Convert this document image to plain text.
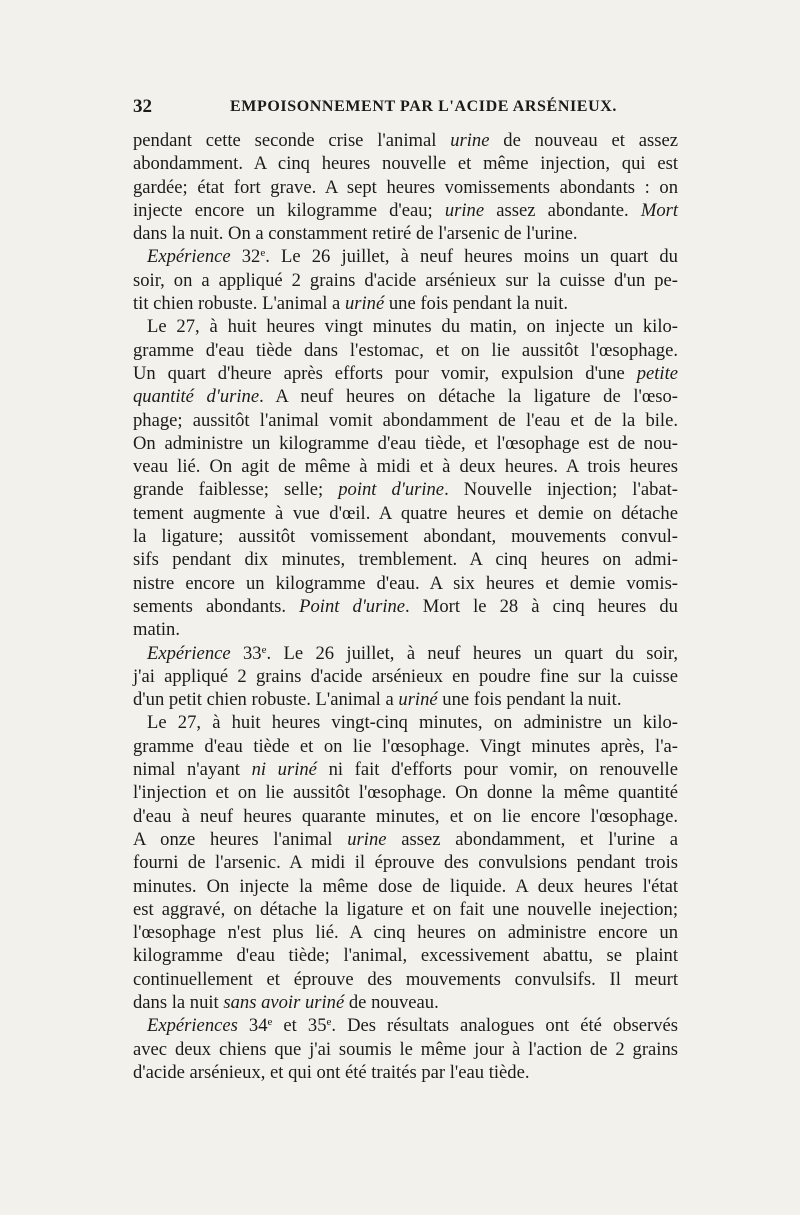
32	EMPOISONNEMENT PAR L'ACIDE ARSÉNIEUX.
pendant cette seconde crise l'animal urine de nouveau et assez
abondamment. A cinq heures nouvelle et même injection, qui est
gardée; état fort grave. A sept heures vomissements abondants : on
injecte encore un kilogramme d'eau; urine assez abondante. Mort
dans la nuit. On a constamment retiré de l'arsenic de l'urine.
Expérience 32e. Le 26 juillet, à neuf heures moins un quart du
soir, on a appliqué 2 grains d'acide arsénieux sur la cuisse d'un pe-
tit chien robuste. L'animal a uriné une fois pendant la nuit.
Le 27, à huit heures vingt minutes du matin, on injecte un kilo-
gramme d'eau tiède dans l'estomac, et on lie aussitôt l'œsophage.
Un quart d'heure après efforts pour vomir, expulsion d'une petite
quantité d'urine. A neuf heures on détache la ligature de l'œso-
phage; aussitôt l'animal vomit abondamment de l'eau et de la bile.
On administre un kilogramme d'eau tiède, et l'œsophage est de nou-
veau lié. On agit de même à midi et à deux heures. A trois heures
grande faiblesse; selle; point d'urine. Nouvelle injection; l'abat-
tement augmente à vue d'œil. A quatre heures et demie on détache
la ligature; aussitôt vomissement abondant, mouvements convul-
sifs pendant dix minutes, tremblement. A cinq heures on admi-
nistre encore un kilogramme d'eau. A six heures et demie vomis-
sements abondants. Point d'urine. Mort le 28 à cinq heures du
matin.
Expérience 33e. Le 26 juillet, à neuf heures un quart du soir,
j'ai appliqué 2 grains d'acide arsénieux en poudre fine sur la cuisse
d'un petit chien robuste. L'animal a uriné une fois pendant la nuit.
Le 27, à huit heures vingt-cinq minutes, on administre un kilo-
gramme d'eau tiède et on lie l'œsophage. Vingt minutes après, l'a-
nimal n'ayant ni uriné ni fait d'efforts pour vomir, on renouvelle
l'injection et on lie aussitôt l'œsophage. On donne la même quantité
d'eau à neuf heures quarante minutes, et on lie encore l'œsophage.
A onze heures l'animal urine assez abondamment, et l'urine a
fourni de l'arsenic. A midi il éprouve des convulsions pendant trois
minutes. On injecte la même dose de liquide. A deux heures l'état
est aggravé, on détache la ligature et on fait une nouvelle inejection;
l'œsophage n'est plus lié. A cinq heures on administre encore un
kilogramme d'eau tiède; l'animal, excessivement abattu, se plaint
continuellement et éprouve des mouvements convulsifs. Il meurt
dans la nuit sans avoir uriné de nouveau.
Expériences 34e et 35e. Des résultats analogues ont été observés
avec deux chiens que j'ai soumis le même jour à l'action de 2 grains
d'acide arsénieux, et qui ont été traités par l'eau tiède.
